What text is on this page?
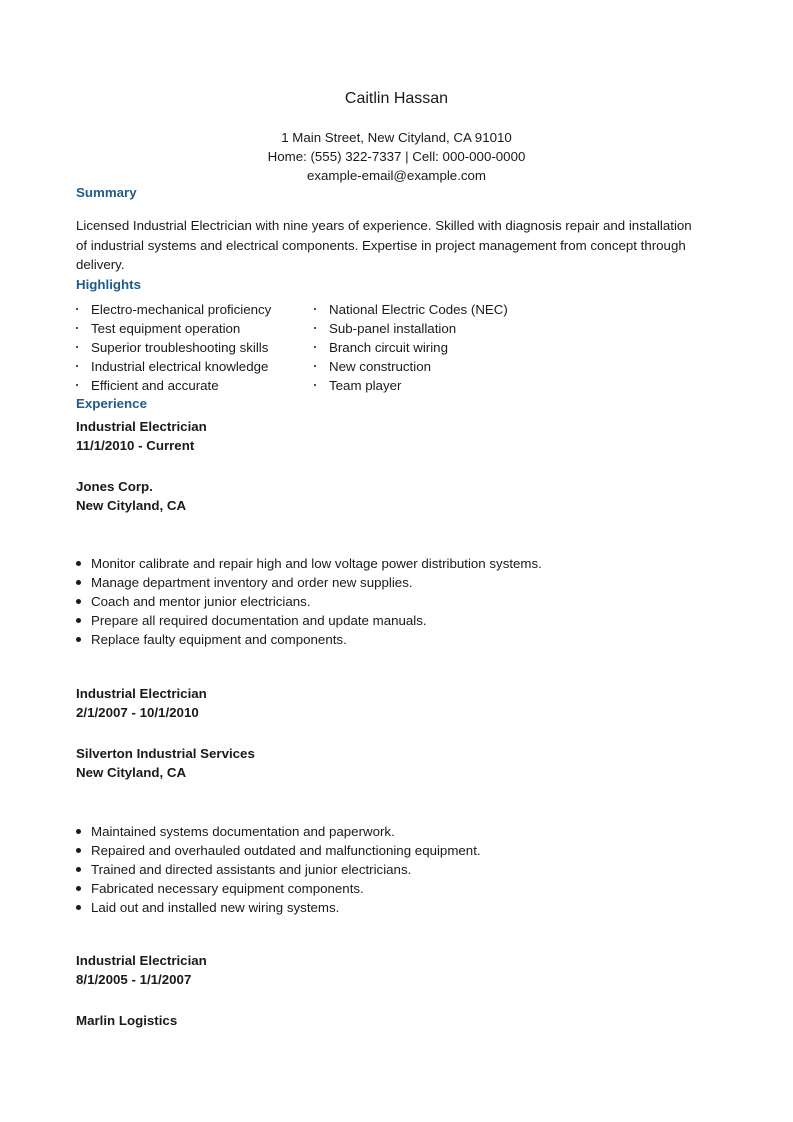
Caitlin Hassan
1 Main Street, New Cityland, CA 91010
Home: (555) 322-7337 | Cell: 000-000-0000
example-email@example.com
Summary
Licensed Industrial Electrician with nine years of experience. Skilled with diagnosis repair and installation of industrial systems and electrical components. Expertise in project management from concept through delivery.
Highlights
Electro-mechanical proficiency
Test equipment operation
Superior troubleshooting skills
Industrial electrical knowledge
Efficient and accurate
National Electric Codes (NEC)
Sub-panel installation
Branch circuit wiring
New construction
Team player
Experience
Industrial Electrician
11/1/2010 - Current
Jones Corp.
New Cityland, CA
Monitor calibrate and repair high and low voltage power distribution systems.
Manage department inventory and order new supplies.
Coach and mentor junior electricians.
Prepare all required documentation and update manuals.
Replace faulty equipment and components.
Industrial Electrician
2/1/2007 - 10/1/2010
Silverton Industrial Services
New Cityland, CA
Maintained systems documentation and paperwork.
Repaired and overhauled outdated and malfunctioning equipment.
Trained and directed assistants and junior electricians.
Fabricated necessary equipment components.
Laid out and installed new wiring systems.
Industrial Electrician
8/1/2005 - 1/1/2007
Marlin Logistics
